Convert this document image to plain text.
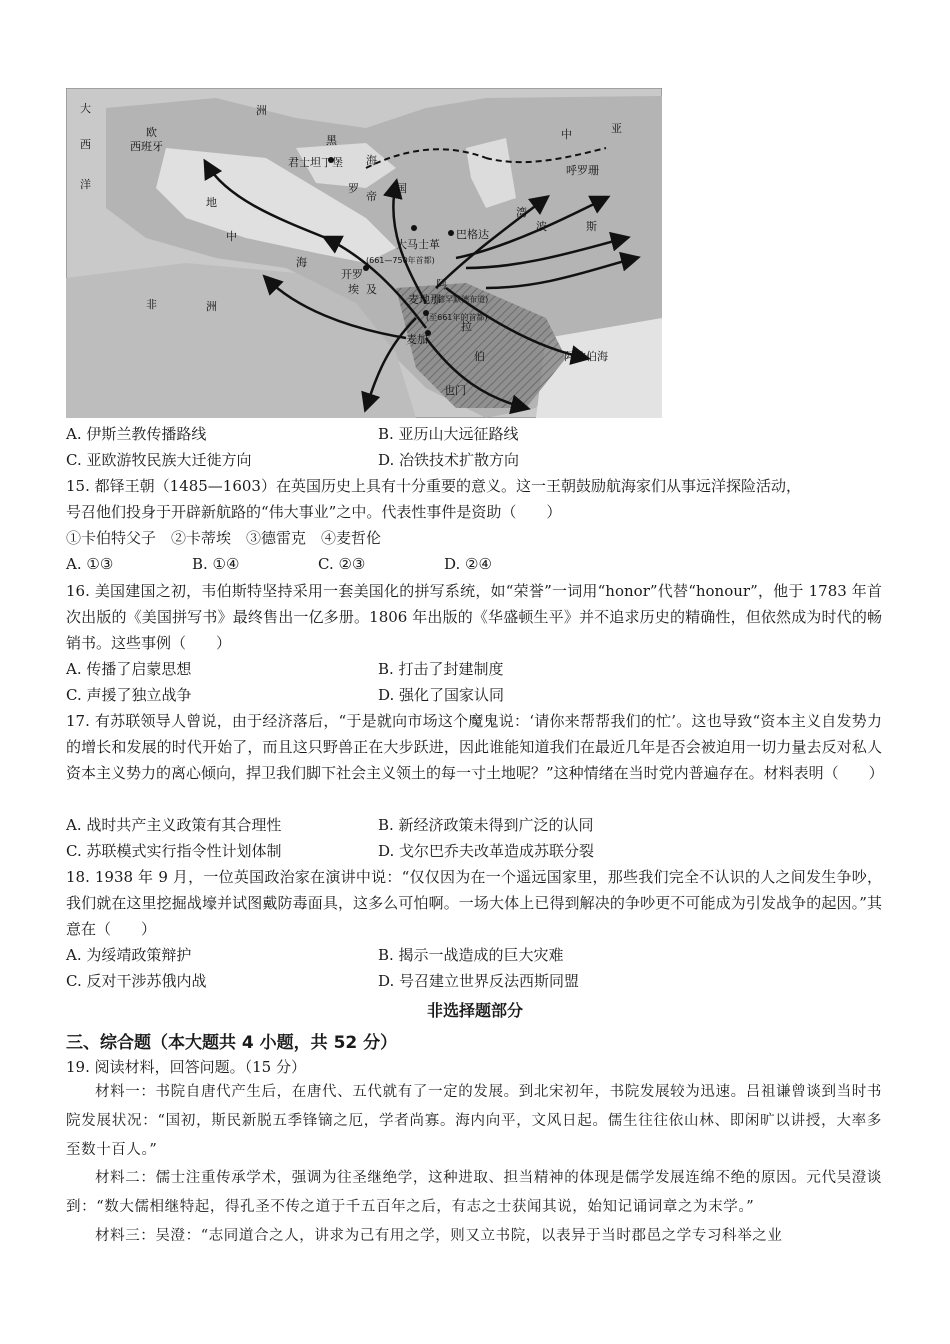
大
西
洋
欧
西班牙
地
中
海
洲
黑
海
君士坦丁堡
罗
帝
国
巴格达
大马士革
(661—750年首都)
开罗
埃 及
非	洲
阿
麦地那
麦加
(穆罕默德布道)
(至661年的首都)
拉
伯	阿拉伯海
亚
中
呼罗珊
波	斯
湾
也门
A. 伊斯兰教传播路线	B. 亚历山大远征路线
C. 亚欧游牧民族大迁徙方向	D. 冶铁技术扩散方向
15. 都铎王朝（1485—1603）在英国历史上具有十分重要的意义。这一王朝鼓励航海家们从事远洋探险活动，
号召他们投身于开辟新航路的“伟大事业”之中。代表性事件是资助（　　）
①卡伯特父子　②卡蒂埃　③德雷克　④麦哲伦
A. ①③	B. ①④	C. ②③	D. ②④
16. 美国建国之初，韦伯斯特坚持采用一套美国化的拼写系统，如“荣誉”一词用“honor”代替“honour”，他于 1783 年首次出版的《美国拼写书》最终售出一亿多册。1806 年出版的《华盛顿生平》并不追求历史的精确性，但依然成为时代的畅销书。这些事例（　　）
A. 传播了启蒙思想	B. 打击了封建制度
C. 声援了独立战争	D. 强化了国家认同
17. 有苏联领导人曾说，由于经济落后，“于是就向市场这个魔鬼说：‘请你来帮帮我们的忙’。这也导致“资本主义自发势力的增长和发展的时代开始了，而且这只野兽正在大步跃进，因此谁能知道我们在最近几年是否会被迫用一切力量去反对私人资本主义势力的离心倾向，捍卫我们脚下社会主义领土的每一寸土地呢？”这种情绪在当时党内普遍存在。材料表明（　　）
A. 战时共产主义政策有其合理性	B. 新经济政策未得到广泛的认同
C. 苏联模式实行指令性计划体制	D. 戈尔巴乔夫改革造成苏联分裂
18. 1938 年 9 月，一位英国政治家在演讲中说：“仅仅因为在一个遥远国家里，那些我们完全不认识的人之间发生争吵，我们就在这里挖掘战壕并试图戴防毒面具，这多么可怕啊。一场大体上已得到解决的争吵更不可能成为引发战争的起因。”其意在（　　）
A. 为绥靖政策辩护	B. 揭示一战造成的巨大灾难
C. 反对干涉苏俄内战	D. 号召建立世界反法西斯同盟
非选择题部分
三、综合题（本大题共 4 小题，共 52 分）
19. 阅读材料，回答问题。（15 分）
材料一：书院自唐代产生后，在唐代、五代就有了一定的发展。到北宋初年，书院发展较为迅速。吕祖谦曾谈到当时书院发展状况：“国初，斯民新脱五季锋镝之厄，学者尚寡。海内向平，文风日起。儒生往往依山林、即闲旷以讲授，大率多至数十百人。”
材料二：儒士注重传承学术，强调为往圣继绝学，这种进取、担当精神的体现是儒学发展连绵不绝的原因。元代吴澄谈到：“数大儒相继特起，得孔圣不传之道于千五百年之后，有志之士获闻其说，始知记诵词章之为末学。”
材料三：吴澄：“志同道合之人，讲求为己有用之学，则又立书院，以表异于当时郡邑之学专习科举之业
